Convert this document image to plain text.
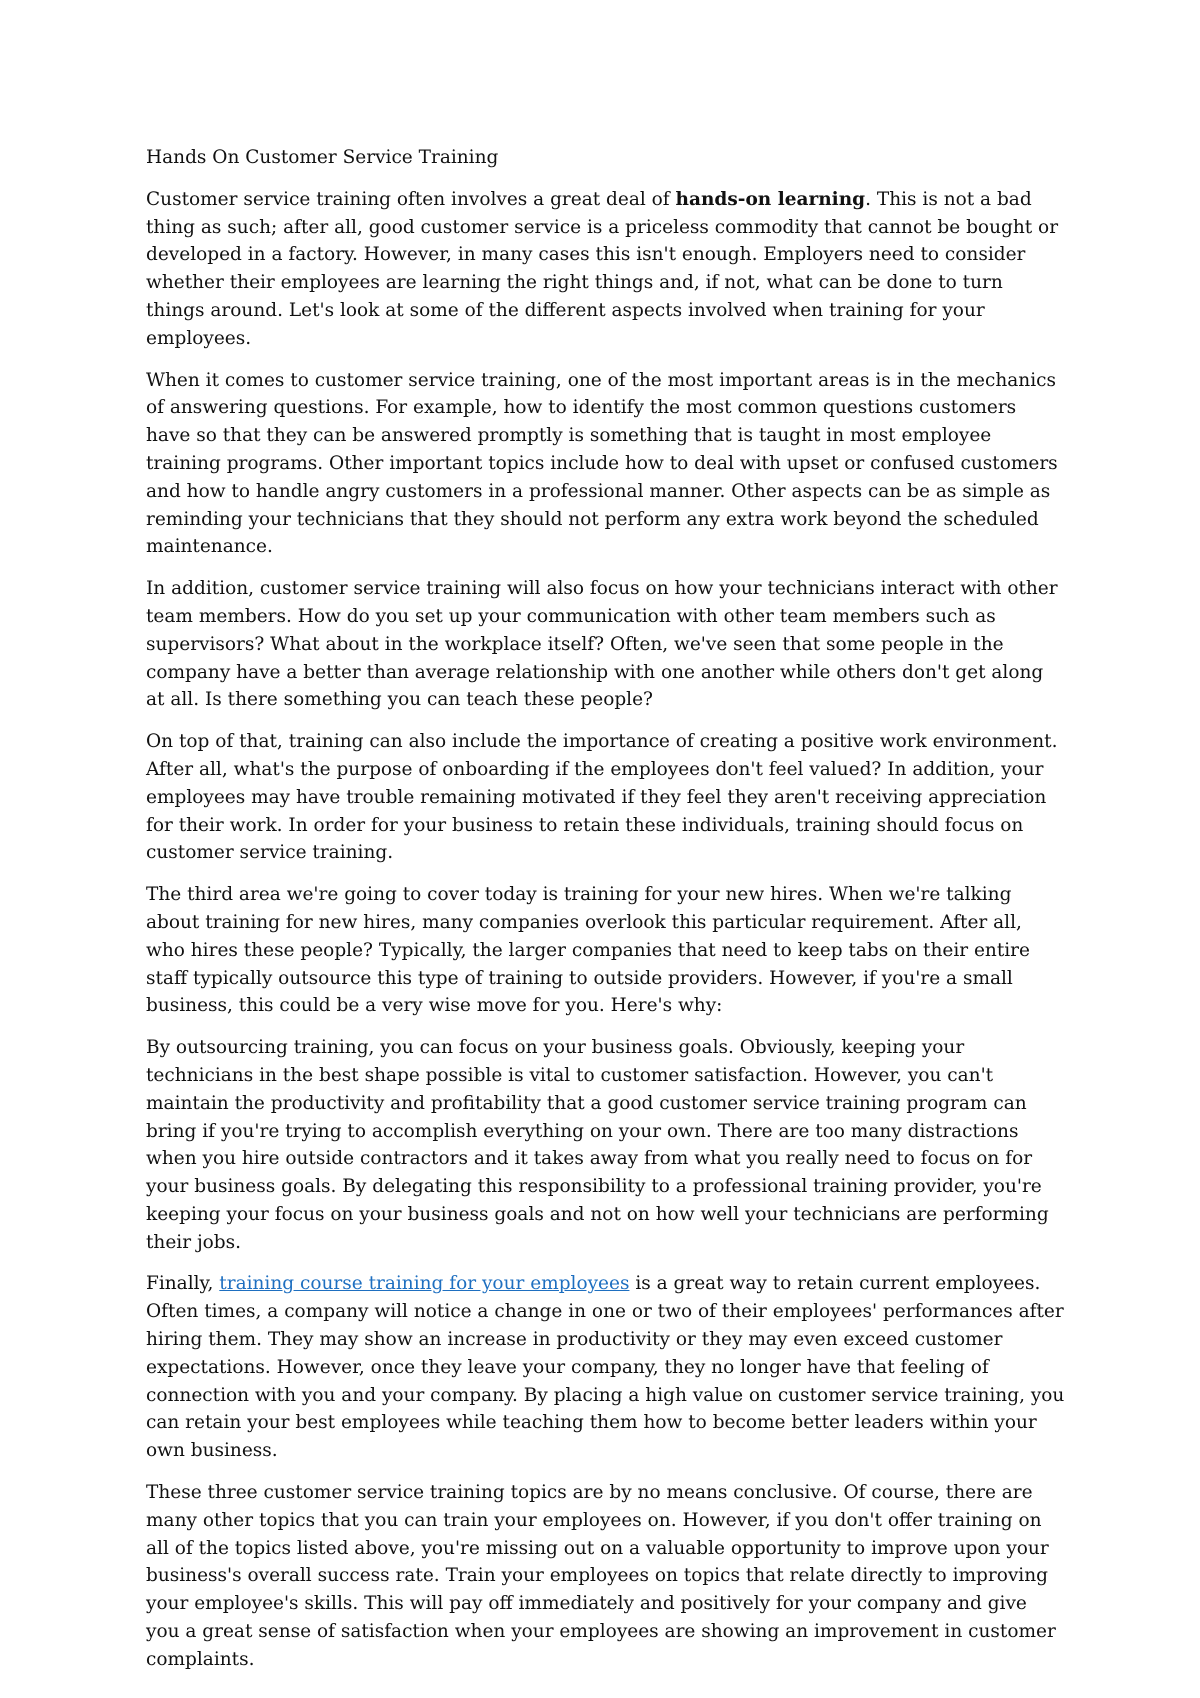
Hands On Customer Service Training

Customer service training often involves a great deal of hands-on learning. This is not a bad thing as such; after all, good customer service is a priceless commodity that cannot be bought or developed in a factory. However, in many cases this isn't enough. Employers need to consider whether their employees are learning the right things and, if not, what can be done to turn things around. Let's look at some of the different aspects involved when training for your employees.

When it comes to customer service training, one of the most important areas is in the mechanics of answering questions. For example, how to identify the most common questions customers have so that they can be answered promptly is something that is taught in most employee training programs. Other important topics include how to deal with upset or confused customers and how to handle angry customers in a professional manner. Other aspects can be as simple as reminding your technicians that they should not perform any extra work beyond the scheduled maintenance.

In addition, customer service training will also focus on how your technicians interact with other team members. How do you set up your communication with other team members such as supervisors? What about in the workplace itself? Often, we've seen that some people in the company have a better than average relationship with one another while others don't get along at all. Is there something you can teach these people?

On top of that, training can also include the importance of creating a positive work environment. After all, what's the purpose of onboarding if the employees don't feel valued? In addition, your employees may have trouble remaining motivated if they feel they aren't receiving appreciation for their work. In order for your business to retain these individuals, training should focus on customer service training.

The third area we're going to cover today is training for your new hires. When we're talking about training for new hires, many companies overlook this particular requirement. After all, who hires these people? Typically, the larger companies that need to keep tabs on their entire staff typically outsource this type of training to outside providers. However, if you're a small business, this could be a very wise move for you. Here's why:

By outsourcing training, you can focus on your business goals. Obviously, keeping your technicians in the best shape possible is vital to customer satisfaction. However, you can't maintain the productivity and profitability that a good customer service training program can bring if you're trying to accomplish everything on your own. There are too many distractions when you hire outside contractors and it takes away from what you really need to focus on for your business goals. By delegating this responsibility to a professional training provider, you're keeping your focus on your business goals and not on how well your technicians are performing their jobs.

Finally, training course training for your employees is a great way to retain current employees. Often times, a company will notice a change in one or two of their employees' performances after hiring them. They may show an increase in productivity or they may even exceed customer expectations. However, once they leave your company, they no longer have that feeling of connection with you and your company. By placing a high value on customer service training, you can retain your best employees while teaching them how to become better leaders within your own business.

These three customer service training topics are by no means conclusive. Of course, there are many other topics that you can train your employees on. However, if you don't offer training on all of the topics listed above, you're missing out on a valuable opportunity to improve upon your business's overall success rate. Train your employees on topics that relate directly to improving your employee's skills. This will pay off immediately and positively for your company and give you a great sense of satisfaction when your employees are showing an improvement in customer complaints.
